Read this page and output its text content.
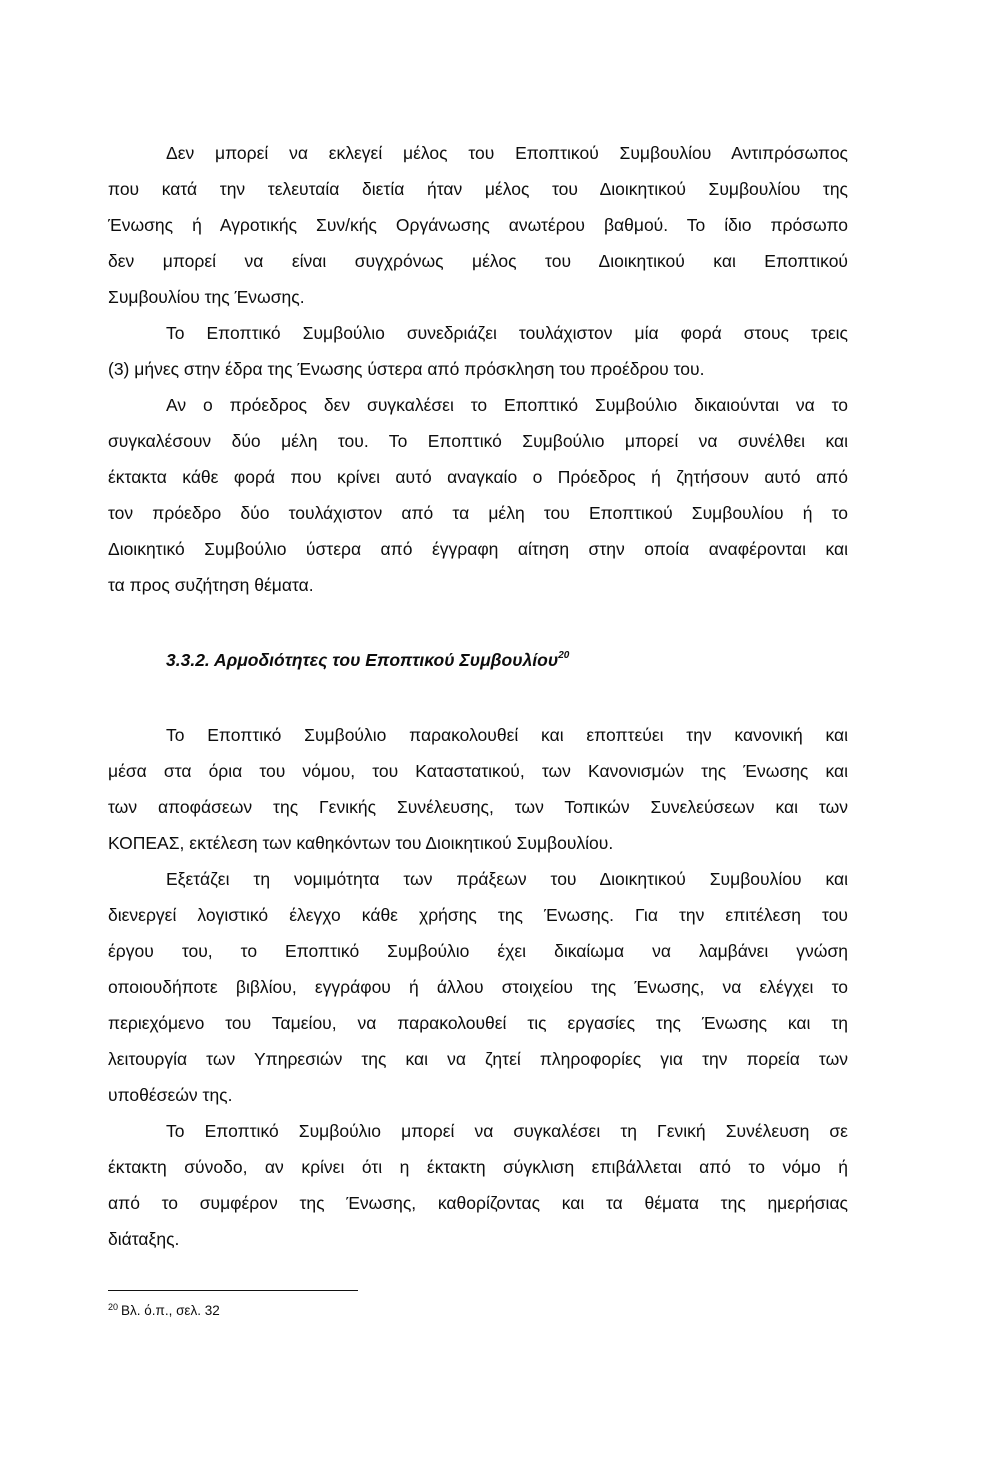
Δεν μπορεί να εκλεγεί μέλος του Εποπτικού Συμβουλίου Αντιπρόσωπος
που κατά την τελευταία διετία ήταν μέλος του Διοικητικού Συμβουλίου της
Ένωσης ή Αγροτικής Συν/κής Οργάνωσης ανωτέρου βαθμού. Το ίδιο πρόσωπο
δεν μπορεί να είναι συγχρόνως μέλος του Διοικητικού και Εποπτικού
Συμβουλίου της Ένωσης.
Το Εποπτικό Συμβούλιο συνεδριάζει τουλάχιστον μία φορά στους τρεις
(3) μήνες στην έδρα της Ένωσης ύστερα από πρόσκληση του προέδρου του.
Αν ο πρόεδρος δεν συγκαλέσει το Εποπτικό Συμβούλιο δικαιούνται να το
συγκαλέσουν δύο μέλη του. Το Εποπτικό Συμβούλιο μπορεί να συνέλθει και
έκτακτα κάθε φορά που κρίνει αυτό αναγκαίο ο Πρόεδρος ή ζητήσουν αυτό από
τον πρόεδρο δύο τουλάχιστον από τα μέλη του Εποπτικού Συμβουλίου ή το
Διοικητικό Συμβούλιο ύστερα από έγγραφη αίτηση στην οποία αναφέρονται και
τα προς συζήτηση θέματα.
3.3.2. Αρμοδιότητες του Εποπτικού Συμβουλίου$^{20}$
Το Εποπτικό Συμβούλιο παρακολουθεί και εποπτεύει την κανονική και
μέσα στα όρια του νόμου, του Καταστατικού, των Κανονισμών της Ένωσης και
των αποφάσεων της Γενικής Συνέλευσης, των Τοπικών Συνελεύσεων και των
ΚΟΠΕΑΣ, εκτέλεση των καθηκόντων του Διοικητικού Συμβουλίου.
Εξετάζει τη νομιμότητα των πράξεων του Διοικητικού Συμβουλίου και
διενεργεί λογιστικό έλεγχο κάθε χρήσης της Ένωσης. Για την επιτέλεση του
έργου του, το Εποπτικό Συμβούλιο έχει δικαίωμα να λαμβάνει γνώση
οποιουδήποτε βιβλίου, εγγράφου ή άλλου στοιχείου της Ένωσης, να ελέγχει το
περιεχόμενο του Ταμείου, να παρακολουθεί τις εργασίες της Ένωσης και τη
λειτουργία των Υπηρεσιών της και να ζητεί πληροφορίες για την πορεία των
υποθέσεών της.
Το Εποπτικό Συμβούλιο μπορεί να συγκαλέσει τη Γενική Συνέλευση σε
έκτακτη σύνοδο, αν κρίνει ότι η έκτακτη σύγκλιση επιβάλλεται από το νόμο ή
από το συμφέρον της Ένωσης, καθορίζοντας και τα θέματα της ημερήσιας
διάταξης.
$^{20}$ Βλ. ό.π., σελ. 32
